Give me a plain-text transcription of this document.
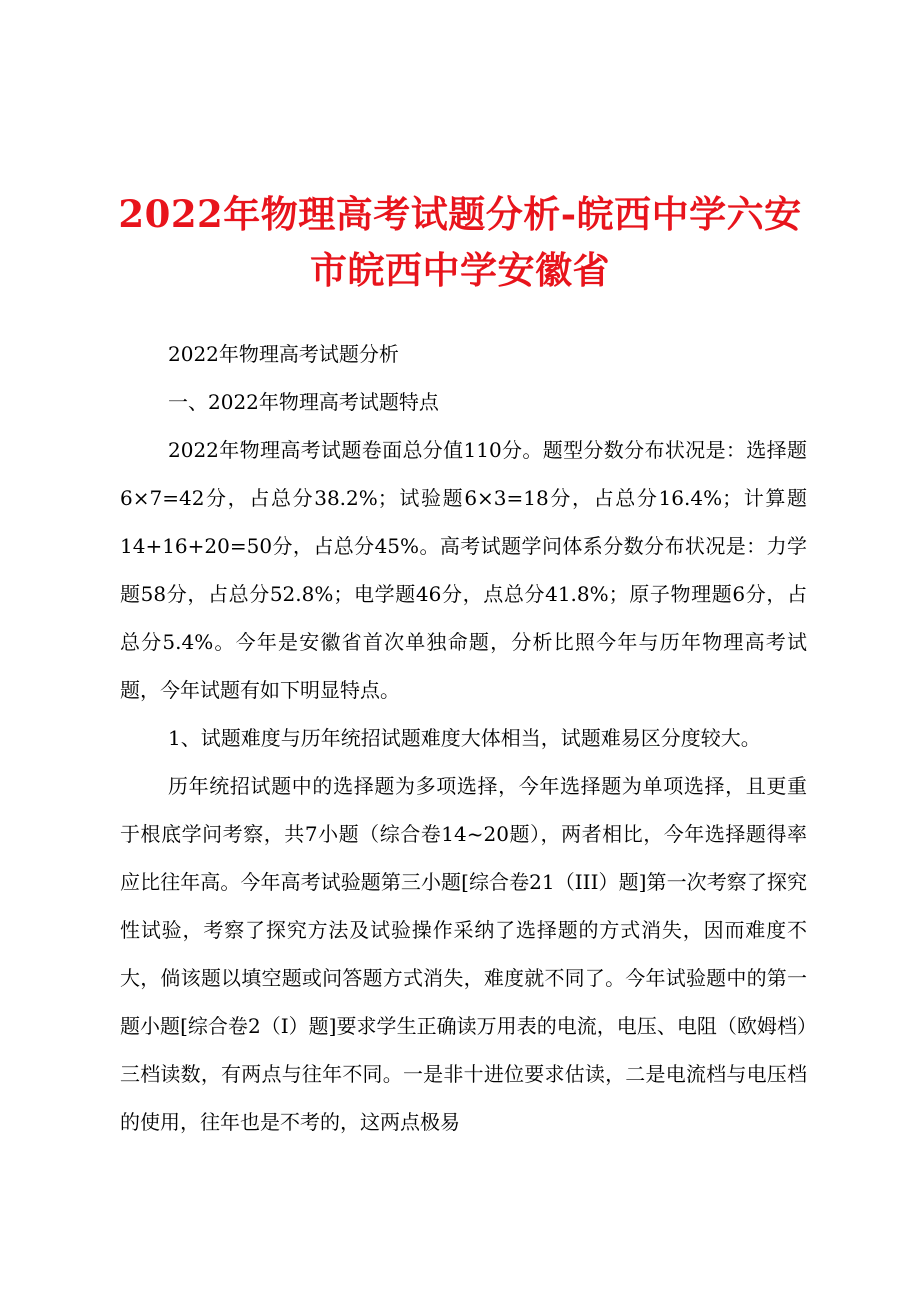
2022年物理高考试题分析-皖西中学六安市皖西中学安徽省

2022年物理高考试题分析

一、2022年物理高考试题特点

2022年物理高考试题卷面总分值110分。题型分数分布状况是：选择题6×7=42分，占总分38.2%；试验题6×3=18分，占总分16.4%；计算题14+16+20=50分，占总分45%。高考试题学问体系分数分布状况是：力学题58分，占总分52.8%；电学题46分，点总分41.8%；原子物理题6分，占总分5.4%。今年是安徽省首次单独命题，分析比照今年与历年物理高考试题，今年试题有如下明显特点。

1、试题难度与历年统招试题难度大体相当，试题难易区分度较大。

历年统招试题中的选择题为多项选择，今年选择题为单项选择，且更重于根底学问考察，共7小题（综合卷14~20题），两者相比，今年选择题得率应比往年高。今年高考试验题第三小题[综合卷21（III）题]第一次考察了探究性试验，考察了探究方法及试验操作采纳了选择题的方式消失，因而难度不大，倘该题以填空题或问答题方式消失，难度就不同了。今年试验题中的第一题小题[综合卷2（I）题]要求学生正确读万用表的电流，电压、电阻（欧姆档）三档读数，有两点与往年不同。一是非十进位要求估读，二是电流档与电压档的使用，往年也是不考的，这两点极易
